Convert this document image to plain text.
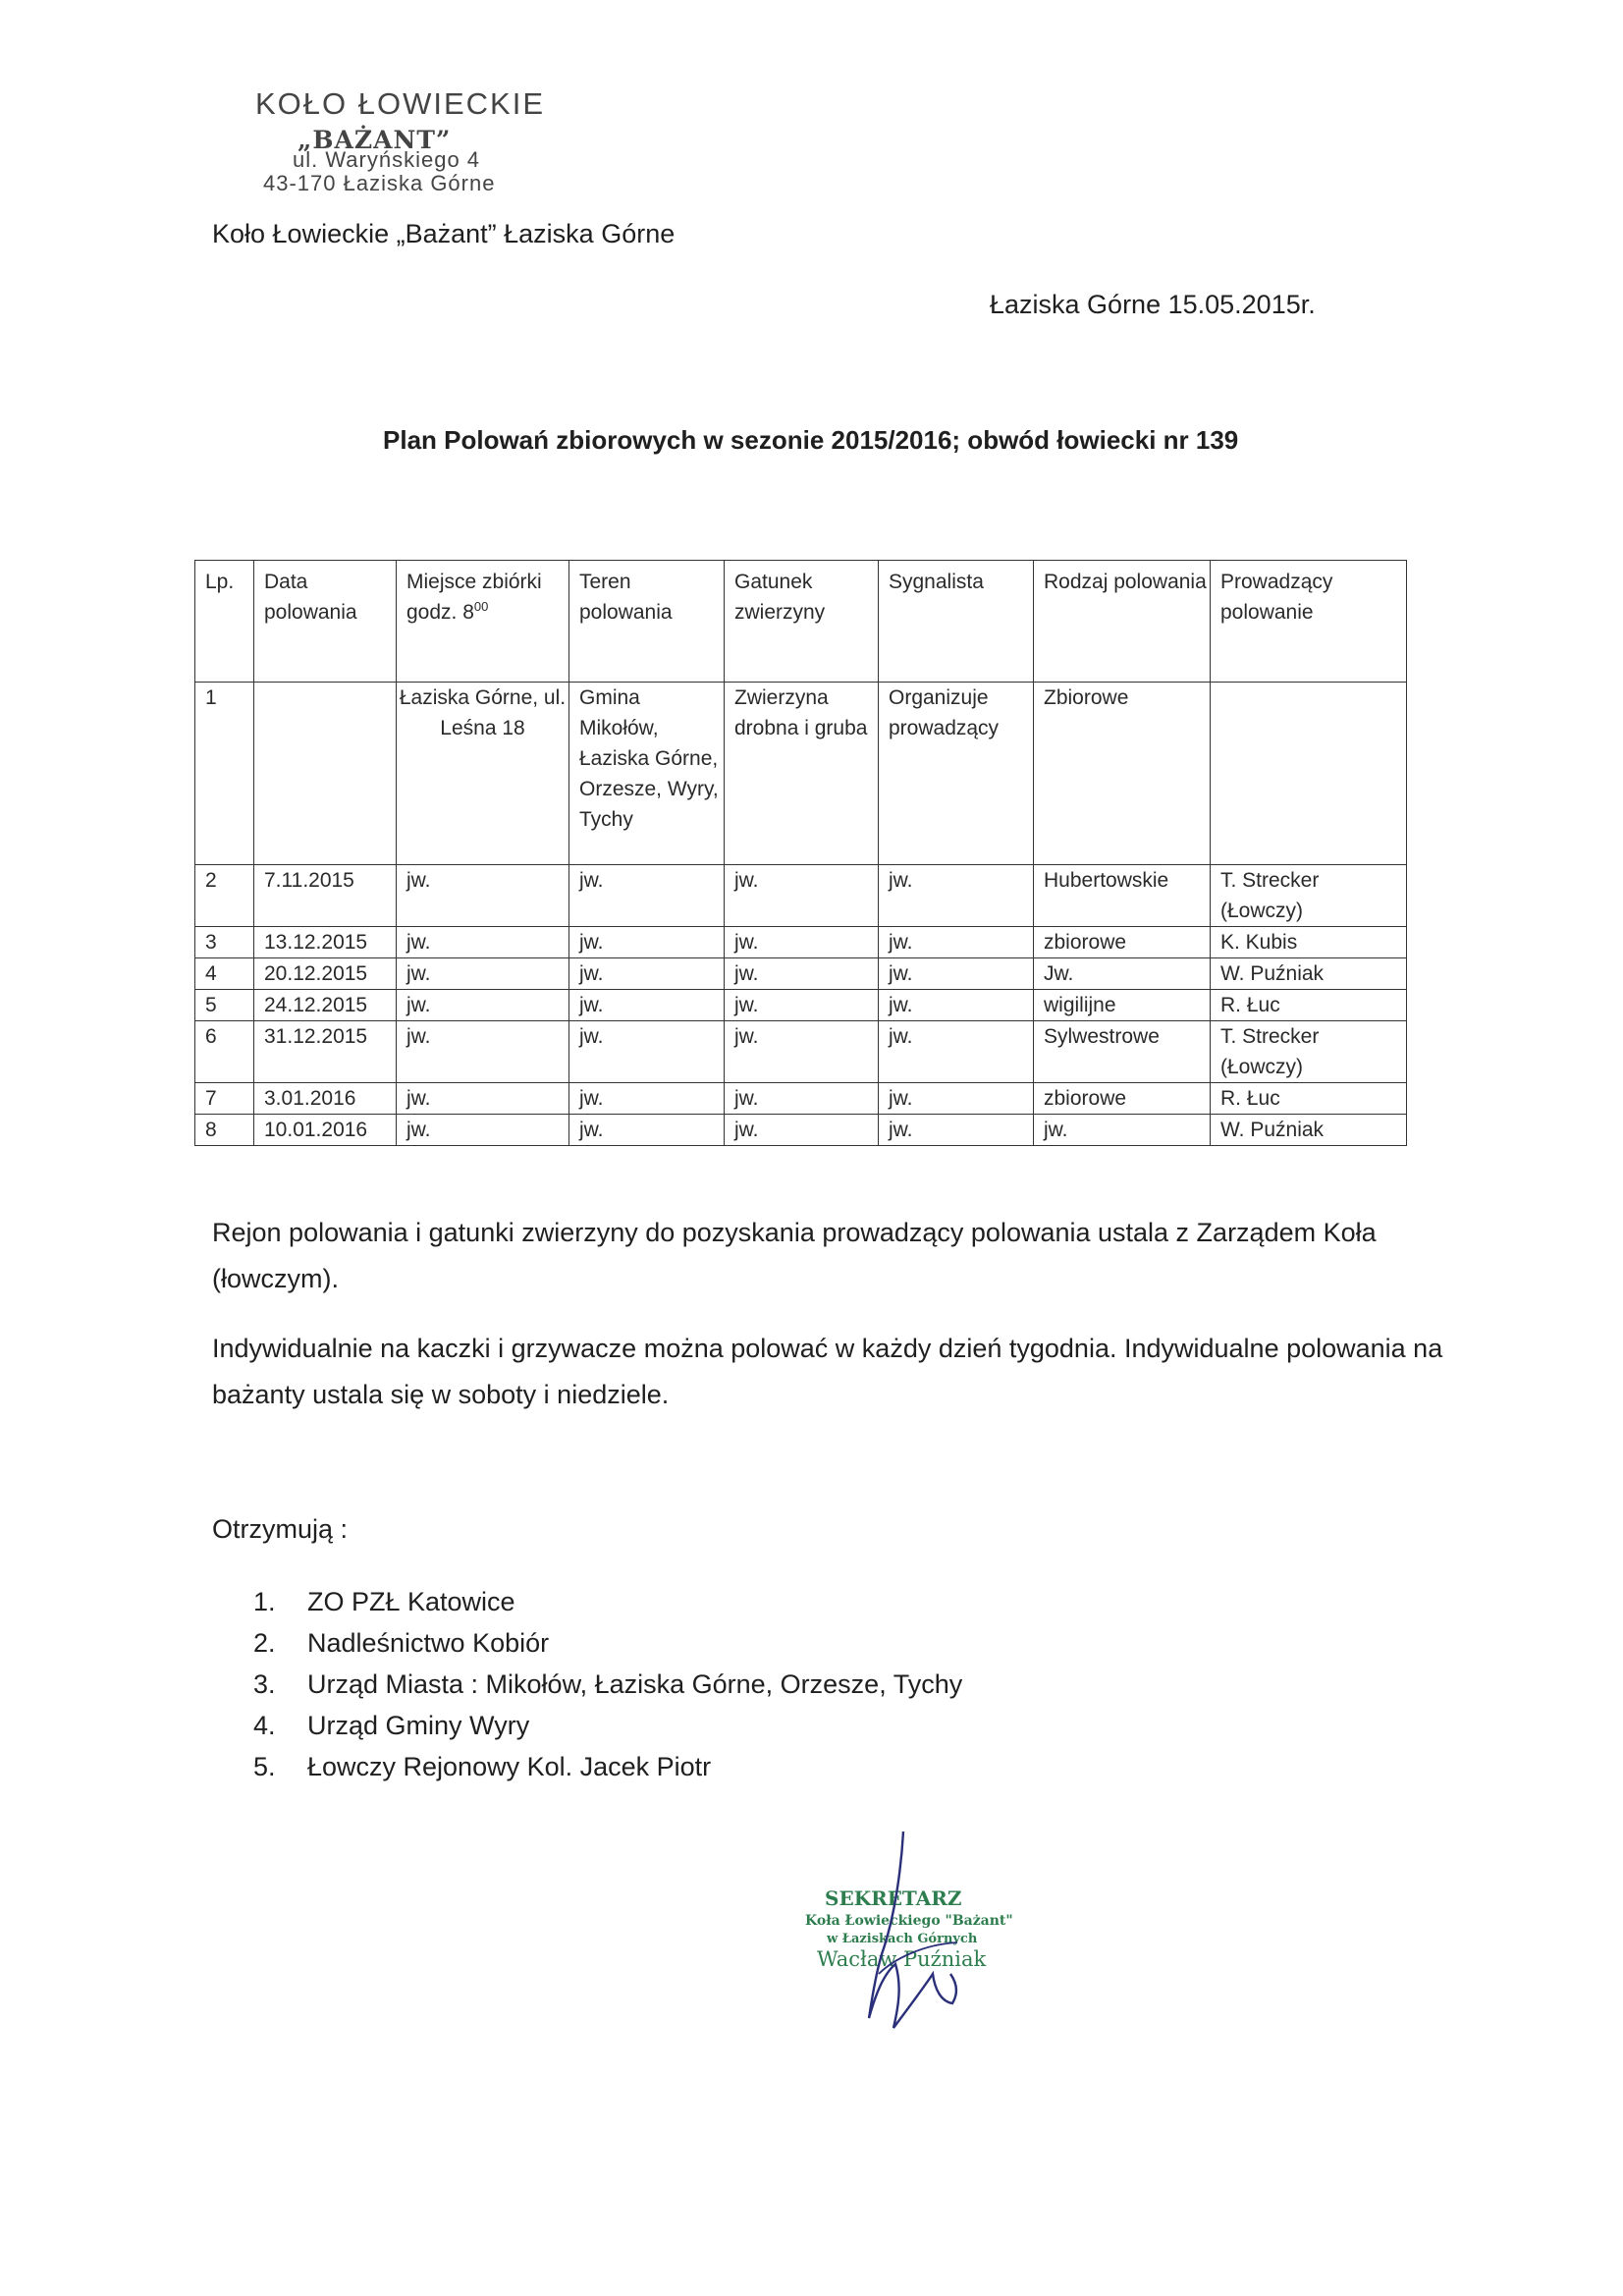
KOŁO ŁOWIECKIE
„BAŻANT”
ul. Waryńskiego 4
43-170 Łaziska Górne
Koło Łowieckie „Bażant” Łaziska Górne
Łaziska Górne 15.05.2015r.
Plan Polowań zbiorowych w sezonie 2015/2016; obwód łowiecki nr 139
Lp.	Data polowania	Miejsce zbiórki godz. $8^{00}$	Teren polowania	Gatunek zwierzyny	Sygnalista	Rodzaj polowania	Prowadzący polowanie
1		Łaziska Górne, ul. Leśna 18	Gmina Mikołów, Łaziska Górne, Orzesze, Wyry, Tychy	Zwierzyna drobna i gruba	Organizuje prowadzący	Zbiorowe	
2	7.11.2015	jw.	jw.	jw.	jw.	Hubertowskie	T. Strecker (Łowczy)
3	13.12.2015	jw.	jw.	jw.	jw.	zbiorowe	K. Kubis
4	20.12.2015	jw.	jw.	jw.	jw.	Jw.	W. Puźniak
5	24.12.2015	jw.	jw.	jw.	jw.	wigilijne	R. Łuc
6	31.12.2015	jw.	jw.	jw.	jw.	Sylwestrowe	T. Strecker (Łowczy)
7	3.01.2016	jw.	jw.	jw.	jw.	zbiorowe	R. Łuc
8	10.01.2016	jw.	jw.	jw.	jw.	jw.	W. Puźniak
Rejon polowania i gatunki zwierzyny do pozyskania prowadzący polowania ustala z Zarządem Koła (łowczym).
Indywidualnie na kaczki i grzywacze można polować w każdy dzień tygodnia. Indywidualne polowania na bażanty ustala się w soboty i niedziele.
Otrzymują :
1. ZO PZŁ Katowice
2. Nadleśnictwo Kobiór
3. Urząd Miasta : Mikołów, Łaziska Górne, Orzesze, Tychy
4. Urząd Gminy Wyry
5. Łowczy Rejonowy Kol. Jacek Piotr
SEKRETARZ
Koła Łowieckiego "Bażant"
w Łaziskach Górnych
Wacław Puźniak
